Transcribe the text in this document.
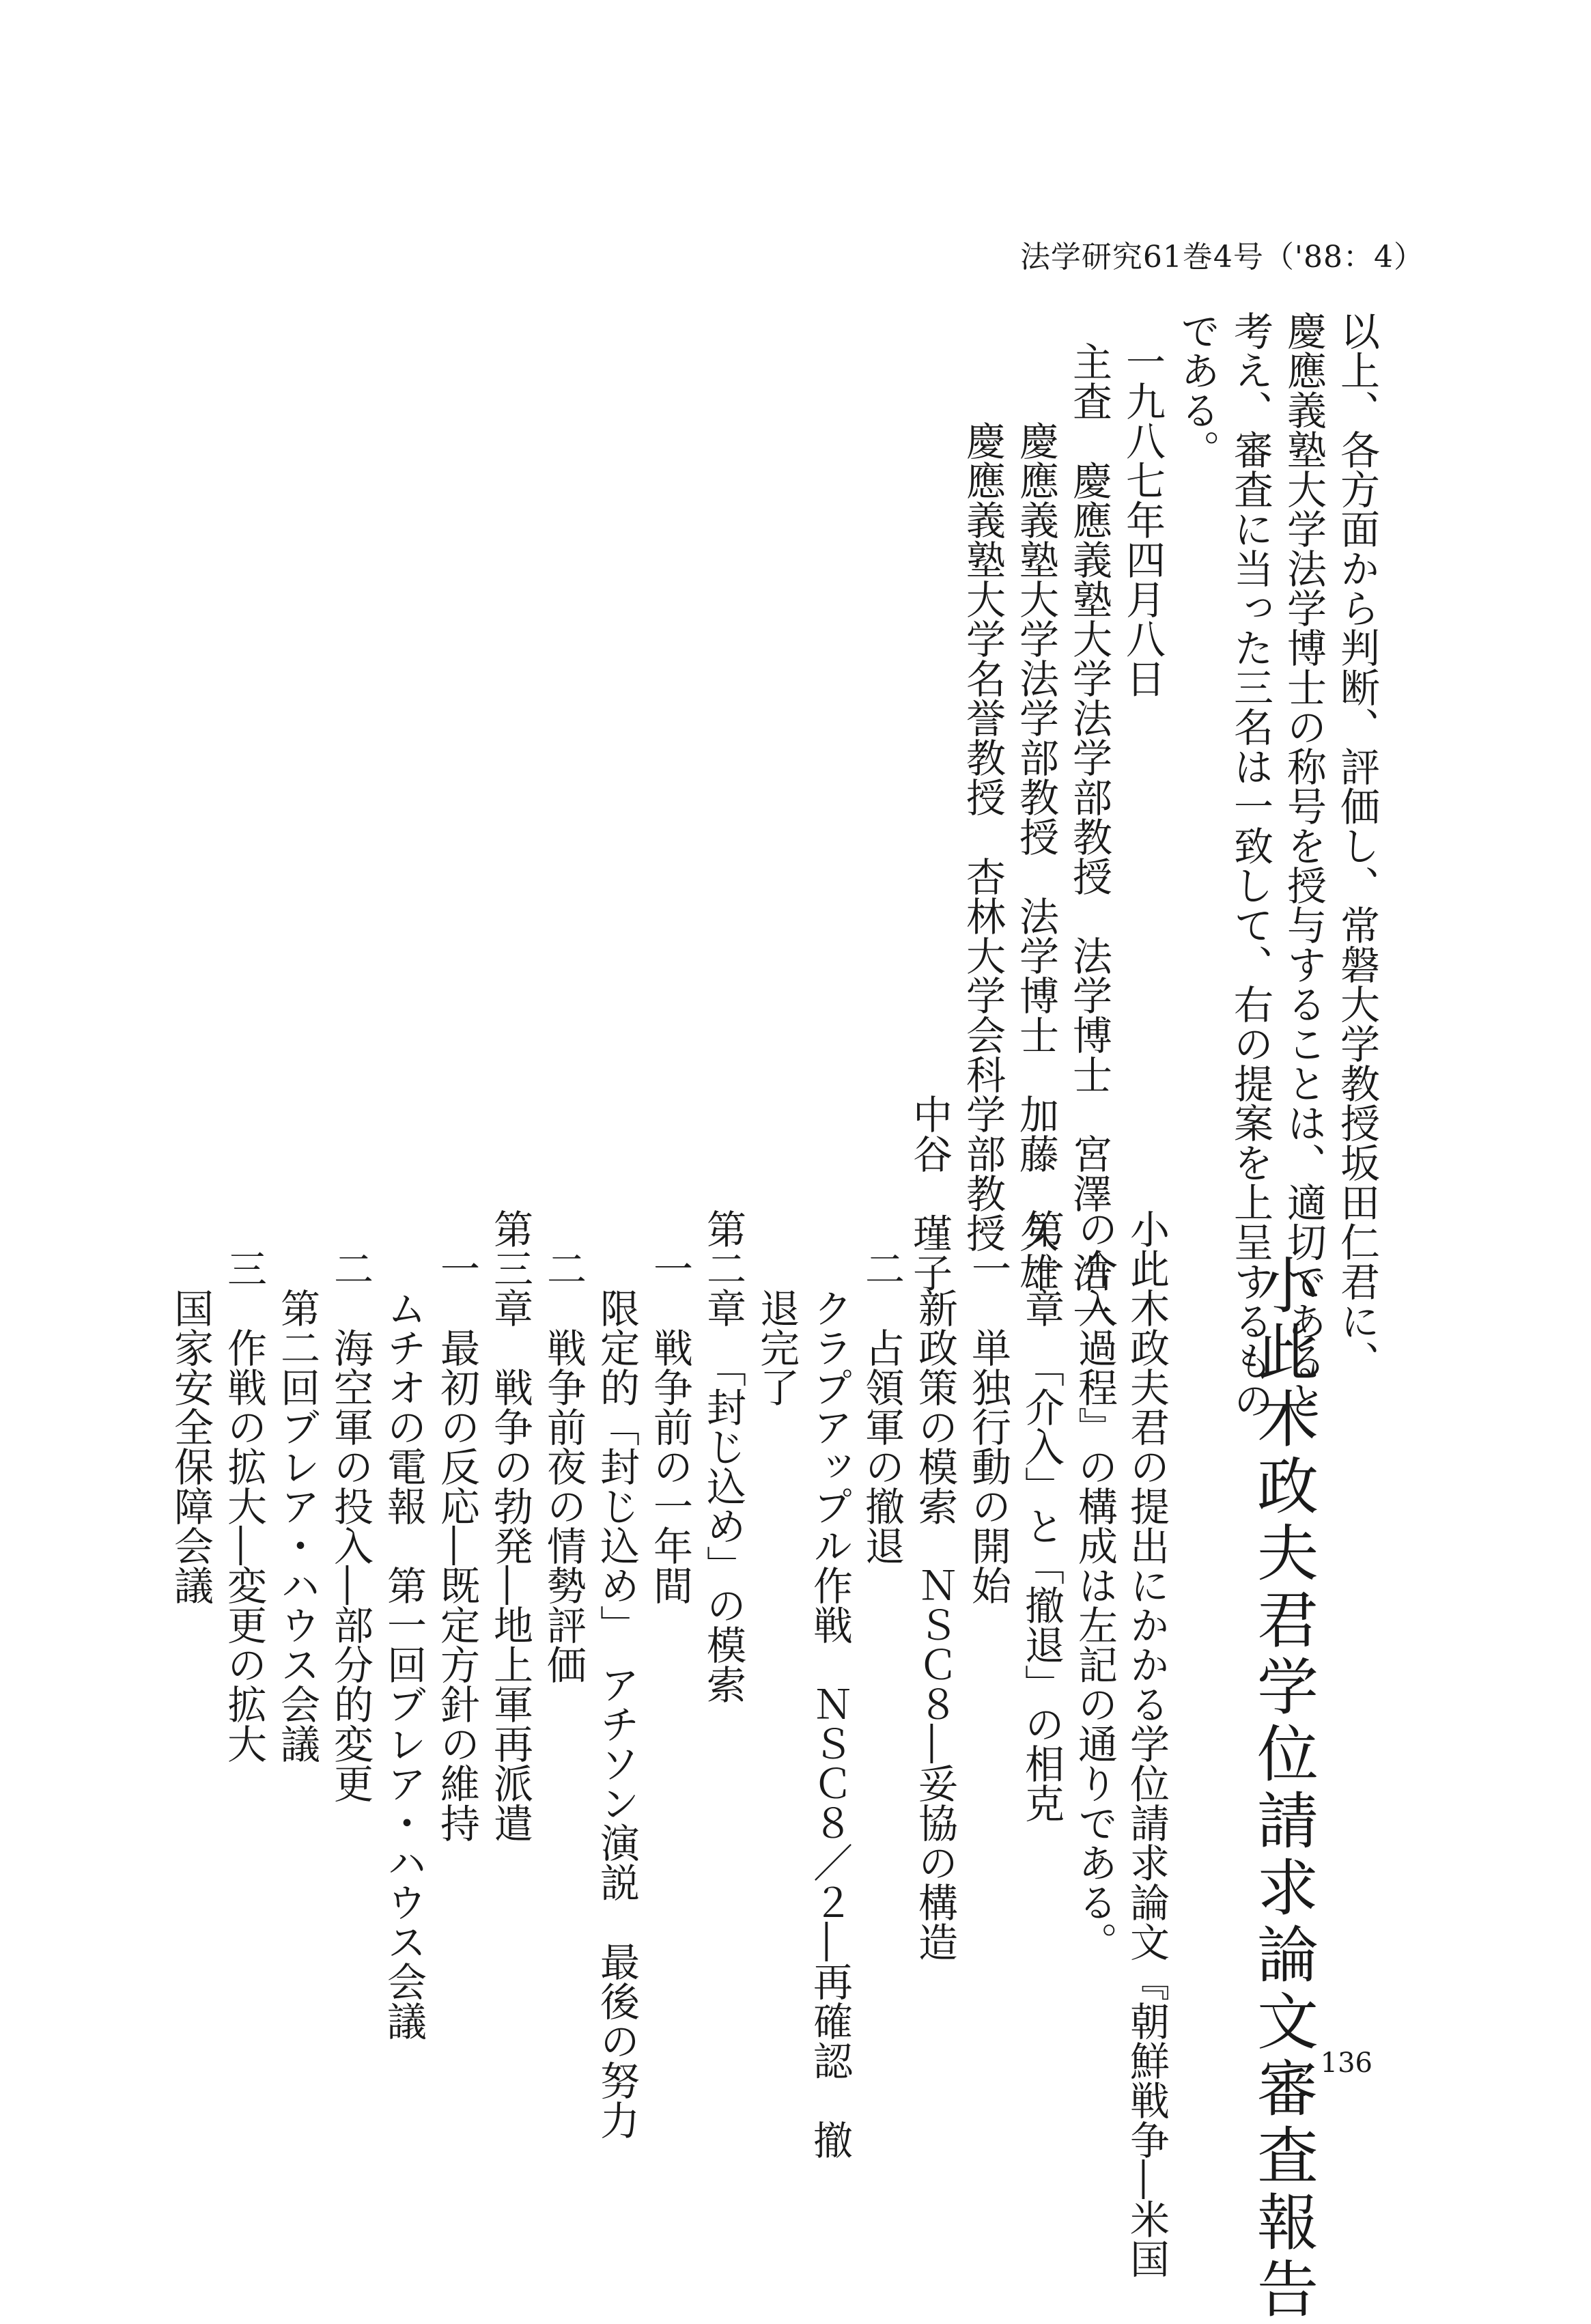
法学研究61巻4号（'88：4）
以上、各方面から判断、評価し、常磐大学教授坂田仁君に、
慶應義塾大学法学博士の称号を授与することは、適切であると
考え、審査に当った三名は一致して、右の提案を上呈するもの
である。
一九八七年四月八日
主査　慶應義塾大学法学部教授　法学博士　宮澤　浩一
　　慶應義塾大学法学部教授　法学博士　加藤　久雄
　　慶應義塾大学名誉教授　杏林大学会科学部教授
　　　　　　　　　　　　　　　　　　　中谷　瑾子
小此木政夫君学位請求論文審査報告
小此木政夫君の提出にかかる学位請求論文『朝鮮戦争―米国
の介入過程』の構成は左記の通りである。
第一章　「介入」と「撤退」の相克
　一　単独行動の開始
　　新政策の模索　ＮＳＣ８―妥協の構造
　二　占領軍の撤退
　　クラプアップル作戦　ＮＳＣ８／２―再確認　撤
　　退完了
第二章　「封じ込め」の模索
　一　戦争前の一年間
　　限定的「封じ込め」　アチソン演説　最後の努力
　二　戦争前夜の情勢評価
第三章　戦争の勃発―地上軍再派遣
　一　最初の反応―既定方針の維持
　　ムチオの電報　第一回ブレア・ハウス会議
　二　海空軍の投入―部分的変更
　　第二回ブレア・ハウス会議
　三　作戦の拡大―変更の拡大
　　国家安全保障会議
136
